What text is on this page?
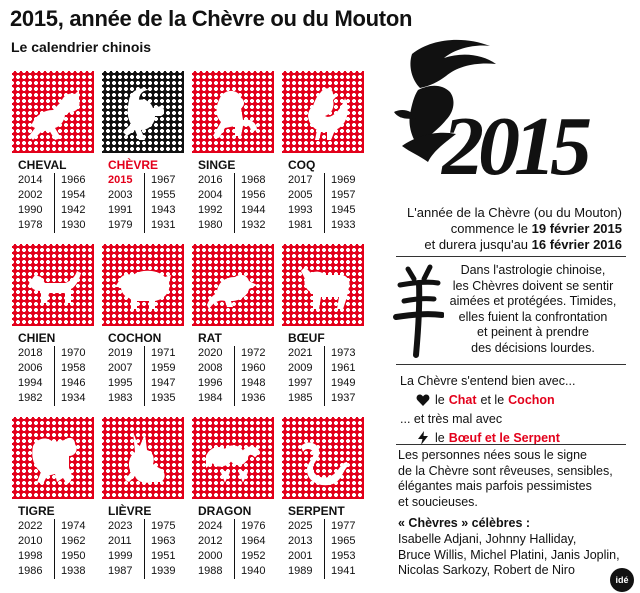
2015, année de la Chèvre ou du Mouton
Le calendrier chinois
CHEVAL
2014
2002
1990
1978
1966
1954
1942
1930
CHÈVRE
2015
2003
1991
1979
1967
1955
1943
1931
SINGE
2016
2004
1992
1980
1968
1956
1944
1932
COQ
2017
2005
1993
1981
1969
1957
1945
1933
CHIEN
2018
2006
1994
1982
1970
1958
1946
1934
COCHON
2019
2007
1995
1983
1971
1959
1947
1935
RAT
2020
2008
1996
1984
1972
1960
1948
1936
BŒUF
2021
2009
1997
1985
1973
1961
1949
1937
TIGRE
2022
2010
1998
1986
1974
1962
1950
1938
LIÈVRE
2023
2011
1999
1987
1975
1963
1951
1939
DRAGON
2024
2012
2000
1988
1976
1964
1952
1940
SERPENT
2025
2013
2001
1989
1977
1965
1953
1941
2015
L'année de la Chèvre (ou du Mouton)
commence le 19 février 2015
et durera jusqu'au 16 février 2016
Dans l'astrologie chinoise,
les Chèvres doivent se sentir
aimées et protégées. Timides,
elles fuient la confrontation
et peinent à prendre
des décisions lourdes.
La Chèvre s'entend bien avec...
le Chat et le Cochon
... et très mal avec
le Bœuf et le Serpent
Les personnes nées sous le signe
de la Chèvre sont rêveuses, sensibles,
élégantes mais parfois pessimistes
et soucieuses.
« Chèvres » célèbres :
Isabelle Adjani, Johnny Halliday,
Bruce Willis, Michel Platini, Janis Joplin,
Nicolas Sarkozy, Robert de Niro
idé
